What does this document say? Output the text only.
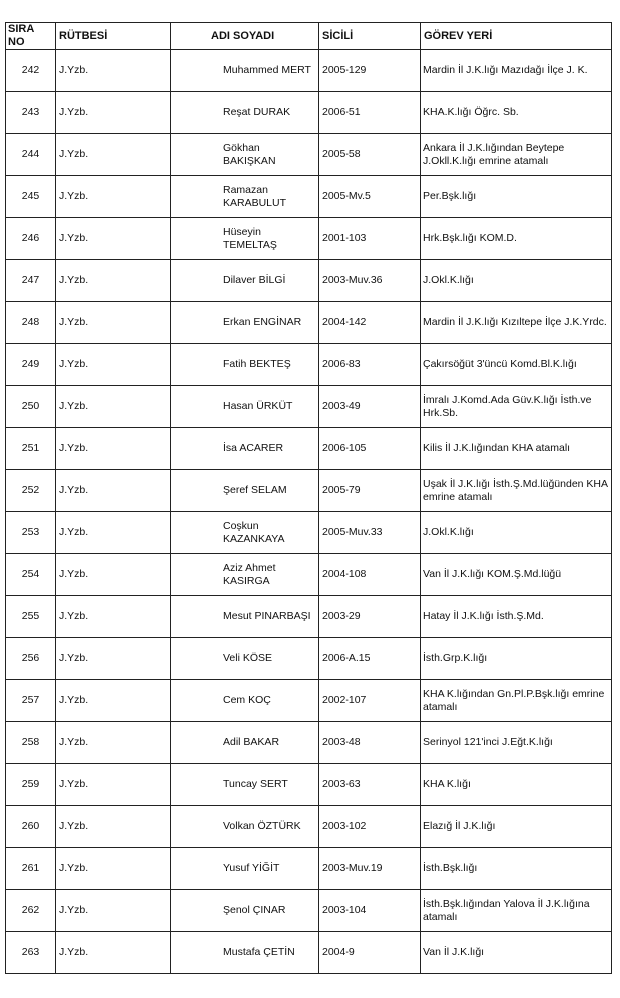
SIRA NO	RÜTBESİ	ADI SOYADI	SİCİLİ	GÖREV YERİ
242	J.Yzb.	Muhammed MERT	2005-129	Mardin İl J.K.lığı Mazıdağı İlçe J. K.
243	J.Yzb.	Reşat DURAK	2006-51	KHA.K.lığı Öğrc. Sb.
244	J.Yzb.	Gökhan BAKIŞKAN	2005-58	Ankara İl J.K.lığından Beytepe J.Okll.K.lığı emrine atamalı
245	J.Yzb.	Ramazan KARABULUT	2005-Mv.5	Per.Bşk.lığı
246	J.Yzb.	Hüseyin TEMELTAŞ	2001-103	Hrk.Bşk.lığı KOM.D.
247	J.Yzb.	Dilaver BİLGİ	2003-Muv.36	J.Okl.K.lığı
248	J.Yzb.	Erkan ENGİNAR	2004-142	Mardin İl J.K.lığı Kızıltepe İlçe J.K.Yrdc.
249	J.Yzb.	Fatih BEKTEŞ	2006-83	Çakırsöğüt 3'üncü Komd.Bl.K.lığı
250	J.Yzb.	Hasan ÜRKÜT	2003-49	İmralı J.Komd.Ada Güv.K.lığı İsth.ve Hrk.Sb.
251	J.Yzb.	İsa ACARER	2006-105	Kilis İl J.K.lığından KHA atamalı
252	J.Yzb.	Şeref SELAM	2005-79	Uşak İl J.K.lığı İsth.Ş.Md.lüğünden KHA emrine atamalı
253	J.Yzb.	Coşkun KAZANKAYA	2005-Muv.33	J.Okl.K.lığı
254	J.Yzb.	Aziz Ahmet KASIRGA	2004-108	Van İl J.K.lığı KOM.Ş.Md.lüğü
255	J.Yzb.	Mesut PINARBAŞI	2003-29	Hatay İl J.K.lığı İsth.Ş.Md.
256	J.Yzb.	Veli KÖSE	2006-A.15	İsth.Grp.K.lığı
257	J.Yzb.	Cem KOÇ	2002-107	KHA K.lığından Gn.Pl.P.Bşk.lığı emrine atamalı
258	J.Yzb.	Adil BAKAR	2003-48	Serinyol 121'inci J.Eğt.K.lığı
259	J.Yzb.	Tuncay SERT	2003-63	KHA K.lığı
260	J.Yzb.	Volkan ÖZTÜRK	2003-102	Elazığ İl J.K.lığı
261	J.Yzb.	Yusuf YİĞİT	2003-Muv.19	İsth.Bşk.lığı
262	J.Yzb.	Şenol ÇINAR	2003-104	İsth.Bşk.lığından Yalova İl J.K.lığına atamalı
263	J.Yzb.	Mustafa ÇETİN	2004-9	Van İl J.K.lığı
